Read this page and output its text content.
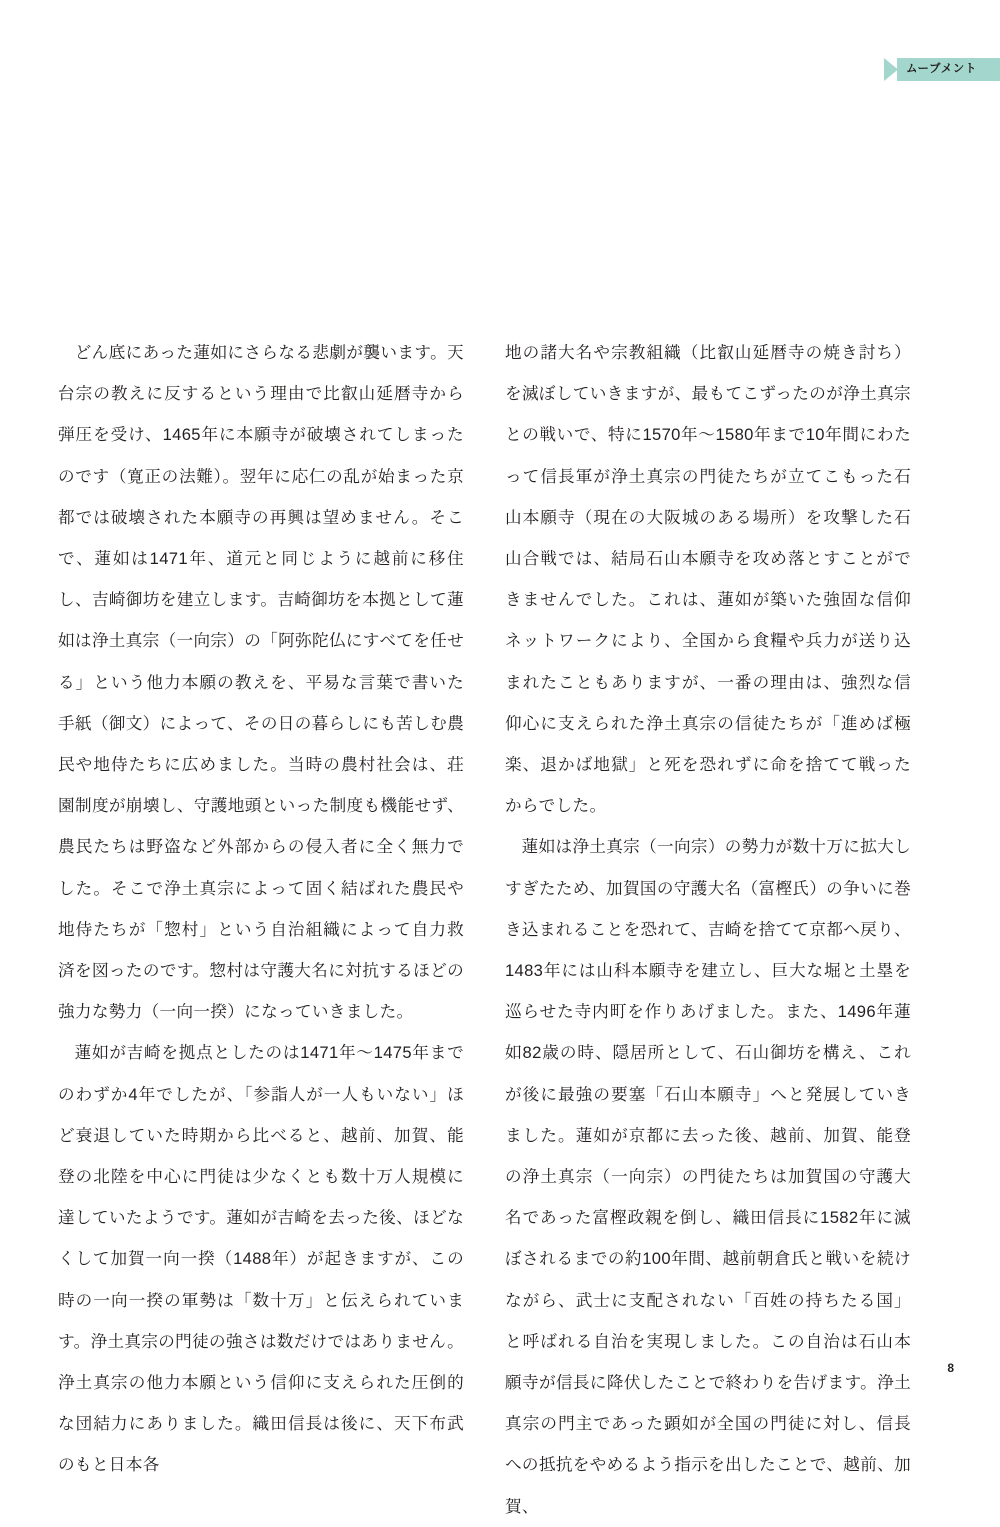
ムーブメント

どん底にあった蓮如にさらなる悲劇が襲います。天台宗の教えに反するという理由で比叡山延暦寺から弾圧を受け、1465年に本願寺が破壊されてしまったのです（寛正の法難）。翌年に応仁の乱が始まった京都では破壊された本願寺の再興は望めません。そこで、蓮如は1471年、道元と同じように越前に移住し、吉崎御坊を建立します。吉崎御坊を本拠として蓮如は浄土真宗（一向宗）の「阿弥陀仏にすべてを任せる」という他力本願の教えを、平易な言葉で書いた手紙（御文）によって、その日の暮らしにも苦しむ農民や地侍たちに広めました。当時の農村社会は、荘園制度が崩壊し、守護地頭といった制度も機能せず、農民たちは野盗など外部からの侵入者に全く無力でした。そこで浄土真宗によって固く結ばれた農民や地侍たちが「惣村」という自治組織によって自力救済を図ったのです。惣村は守護大名に対抗するほどの強力な勢力（一向一揆）になっていきました。

蓮如が吉崎を拠点としたのは1471年〜1475年までのわずか4年でしたが、「参詣人が一人もいない」ほど衰退していた時期から比べると、越前、加賀、能登の北陸を中心に門徒は少なくとも数十万人規模に達していたようです。蓮如が吉崎を去った後、ほどなくして加賀一向一揆（1488年）が起きますが、この時の一向一揆の軍勢は「数十万」と伝えられています。浄土真宗の門徒の強さは数だけではありません。浄土真宗の他力本願という信仰に支えられた圧倒的な団結力にありました。織田信長は後に、天下布武のもと日本各

地の諸大名や宗教組織（比叡山延暦寺の焼き討ち）を滅ぼしていきますが、最もてこずったのが浄土真宗との戦いで、特に1570年〜1580年まで10年間にわたって信長軍が浄土真宗の門徒たちが立てこもった石山本願寺（現在の大阪城のある場所）を攻撃した石山合戦では、結局石山本願寺を攻め落とすことができませんでした。これは、蓮如が築いた強固な信仰ネットワークにより、全国から食糧や兵力が送り込まれたこともありますが、一番の理由は、強烈な信仰心に支えられた浄土真宗の信徒たちが「進めば極楽、退かば地獄」と死を恐れずに命を捨てて戦ったからでした。

蓮如は浄土真宗（一向宗）の勢力が数十万に拡大しすぎたため、加賀国の守護大名（富樫氏）の争いに巻き込まれることを恐れて、吉崎を捨てて京都へ戻り、1483年には山科本願寺を建立し、巨大な堀と土塁を巡らせた寺内町を作りあげました。また、1496年蓮如82歳の時、隠居所として、石山御坊を構え、これが後に最強の要塞「石山本願寺」へと発展していきました。蓮如が京都に去った後、越前、加賀、能登の浄土真宗（一向宗）の門徒たちは加賀国の守護大名であった富樫政親を倒し、織田信長に1582年に滅ぼされるまでの約100年間、越前朝倉氏と戦いを続けながら、武士に支配されない「百姓の持ちたる国」と呼ばれる自治を実現しました。この自治は石山本願寺が信長に降伏したことで終わりを告げます。浄土真宗の門主であった顕如が全国の門徒に対し、信長への抵抗をやめるよう指示を出したことで、越前、加賀、

8
